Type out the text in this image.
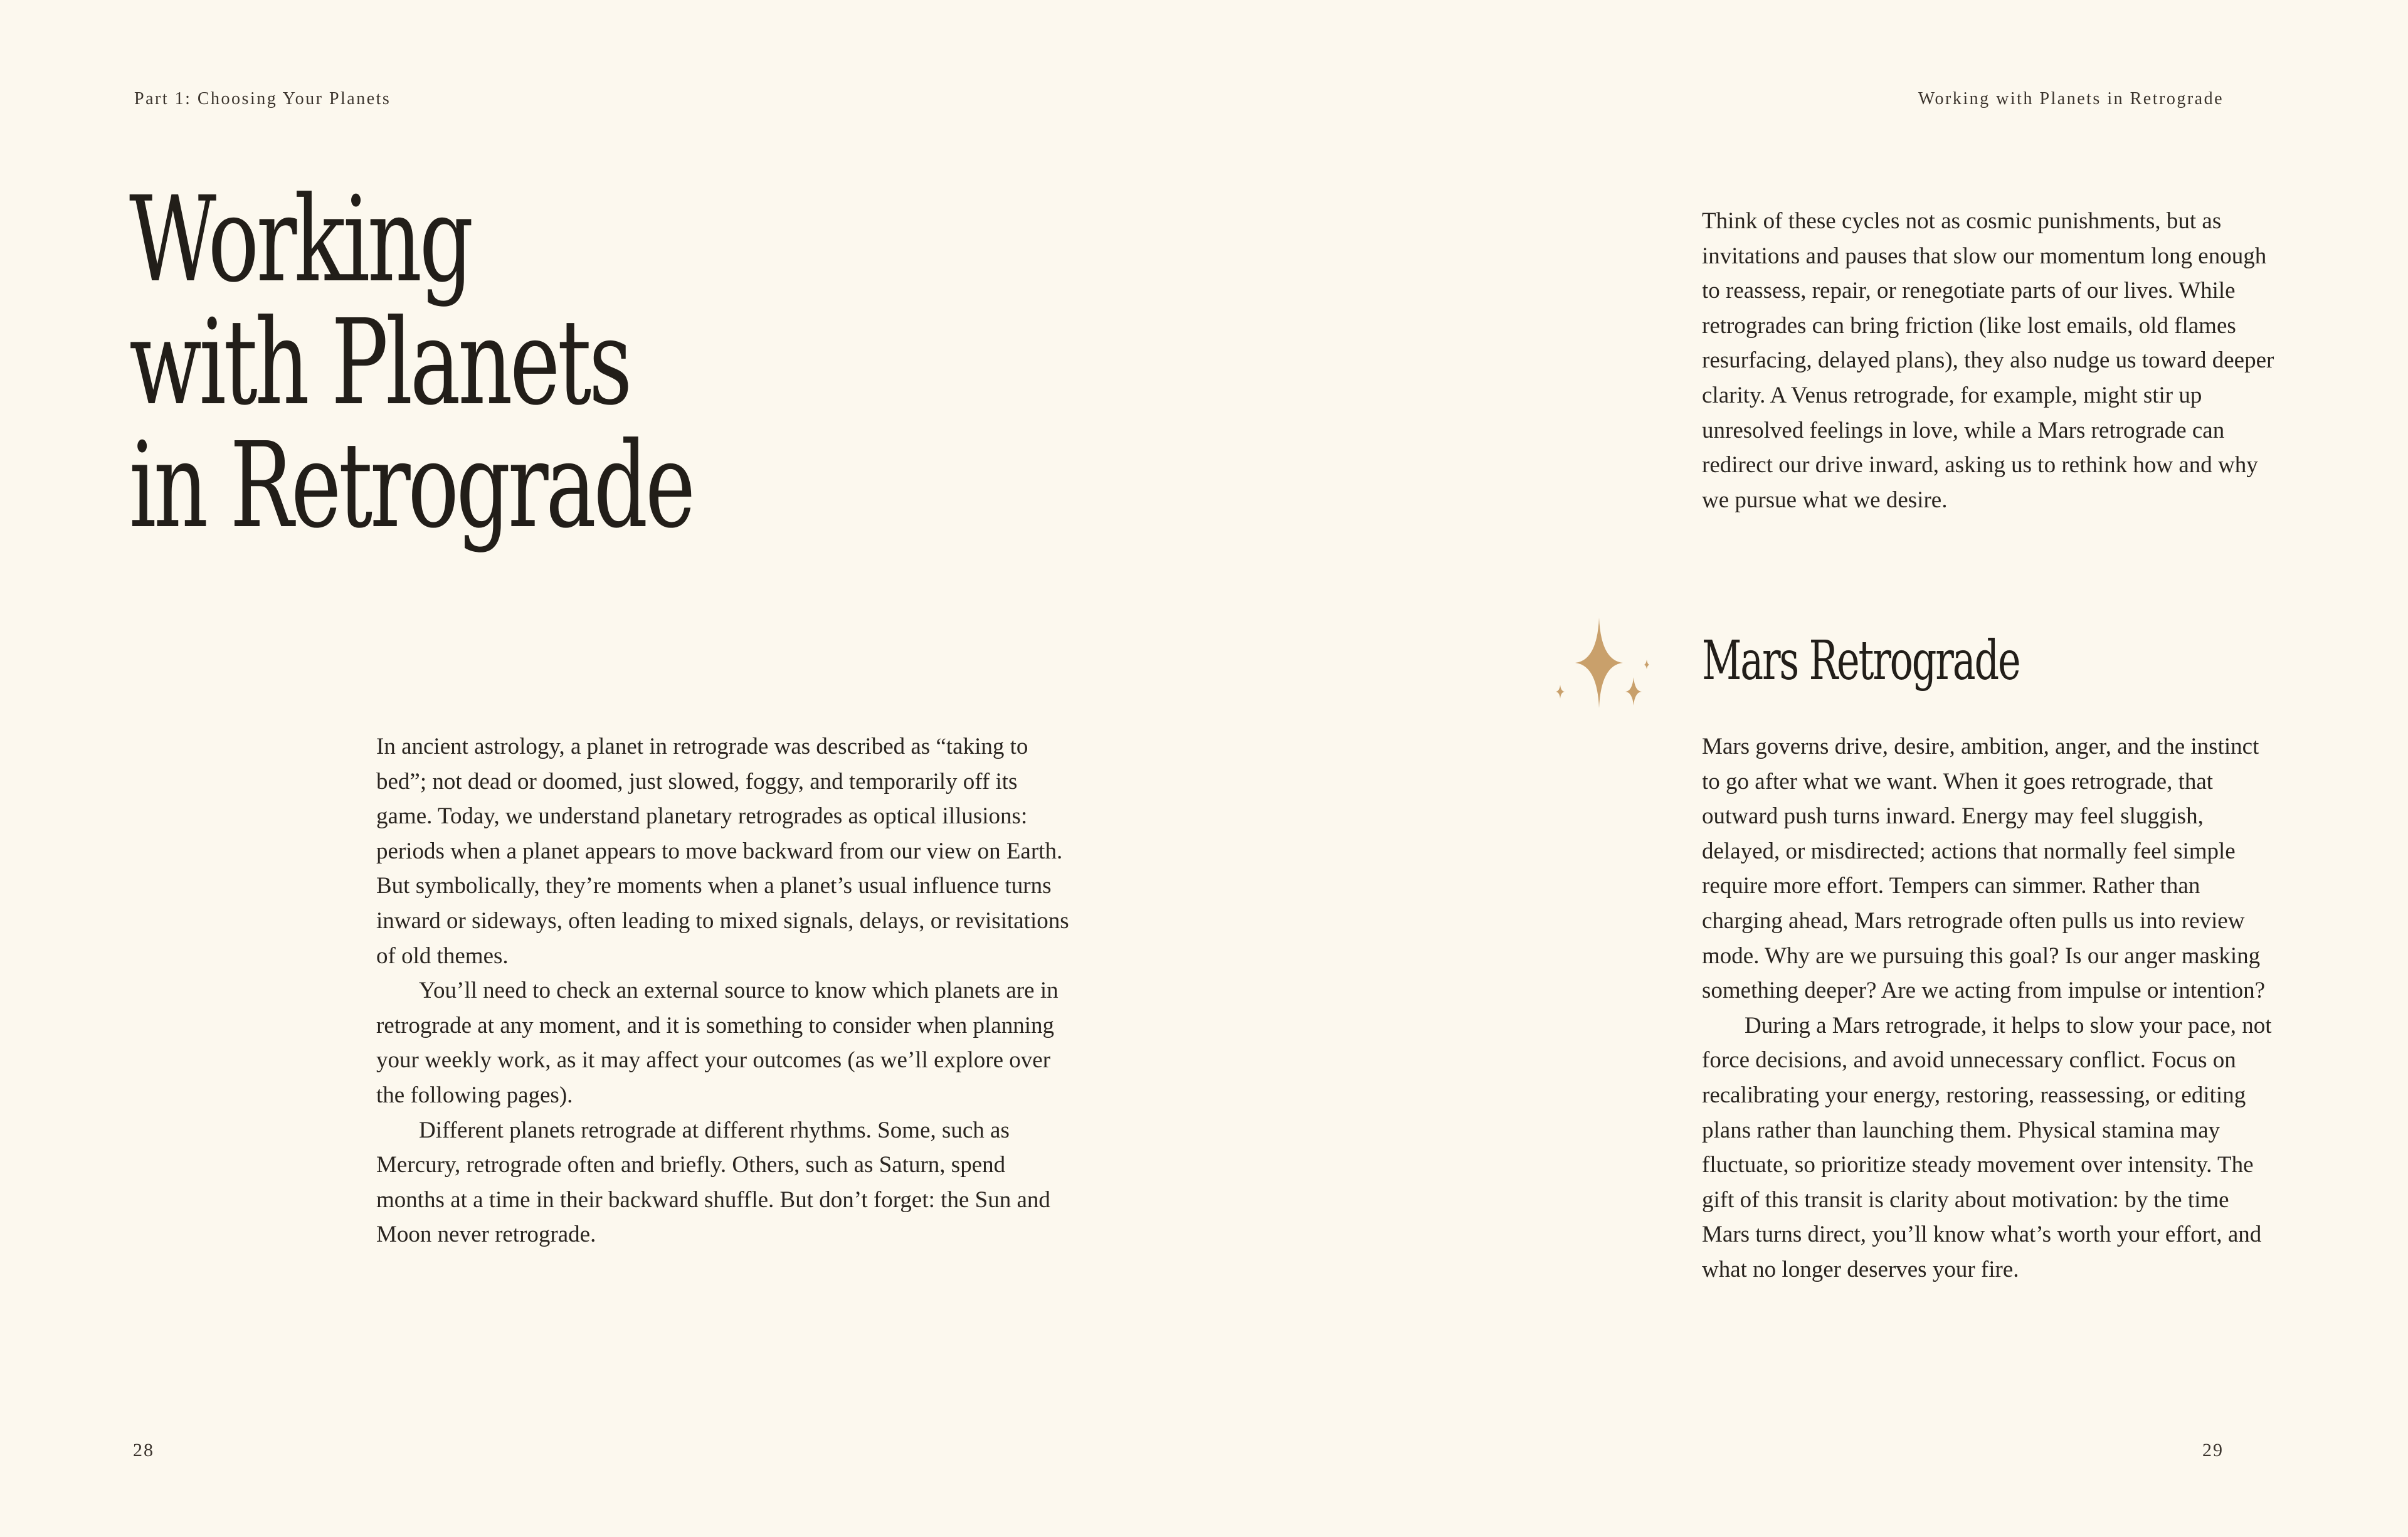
Part 1: Choosing Your Planets
Working
with Planets
in Retrograde

In ancient astrology, a planet in retrograde was described as “taking to bed”; not dead or doomed, just slowed, foggy, and temporarily off its game. Today, we understand planetary retrogrades as optical illusions: periods when a planet appears to move backward from our view on Earth. But symbolically, they’re moments when a planet’s usual influence turns inward or sideways, often leading to mixed signals, delays, or revisitations of old themes.

You’ll need to check an external source to know which planets are in retrograde at any moment, and it is something to consider when planning your weekly work, as it may affect your outcomes (as we’ll explore over the following pages).

Different planets retrograde at different rhythms. Some, such as Mercury, retrograde often and briefly. Others, such as Saturn, spend months at a time in their backward shuffle. But don’t forget: the Sun and Moon never retrograde.

28
Working with Planets in Retrograde

Think of these cycles not as cosmic punishments, but as invitations and pauses that slow our momentum long enough to reassess, repair, or renegotiate parts of our lives. While retrogrades can bring friction (like lost emails, old flames resurfacing, delayed plans), they also nudge us toward deeper clarity. A Venus retrograde, for example, might stir up unresolved feelings in love, while a Mars retrograde can redirect our drive inward, asking us to rethink how and why we pursue what we desire.

Mars Retrograde

Mars governs drive, desire, ambition, anger, and the instinct to go after what we want. When it goes retrograde, that outward push turns inward. Energy may feel sluggish, delayed, or misdirected; actions that normally feel simple require more effort. Tempers can simmer. Rather than charging ahead, Mars retrograde often pulls us into review mode. Why are we pursuing this goal? Is our anger masking something deeper? Are we acting from impulse or intention?

During a Mars retrograde, it helps to slow your pace, not force decisions, and avoid unnecessary conflict. Focus on recalibrating your energy, restoring, reassessing, or editing plans rather than launching them. Physical stamina may fluctuate, so prioritize steady movement over intensity. The gift of this transit is clarity about motivation: by the time Mars turns direct, you’ll know what’s worth your effort, and what no longer deserves your fire.

29
